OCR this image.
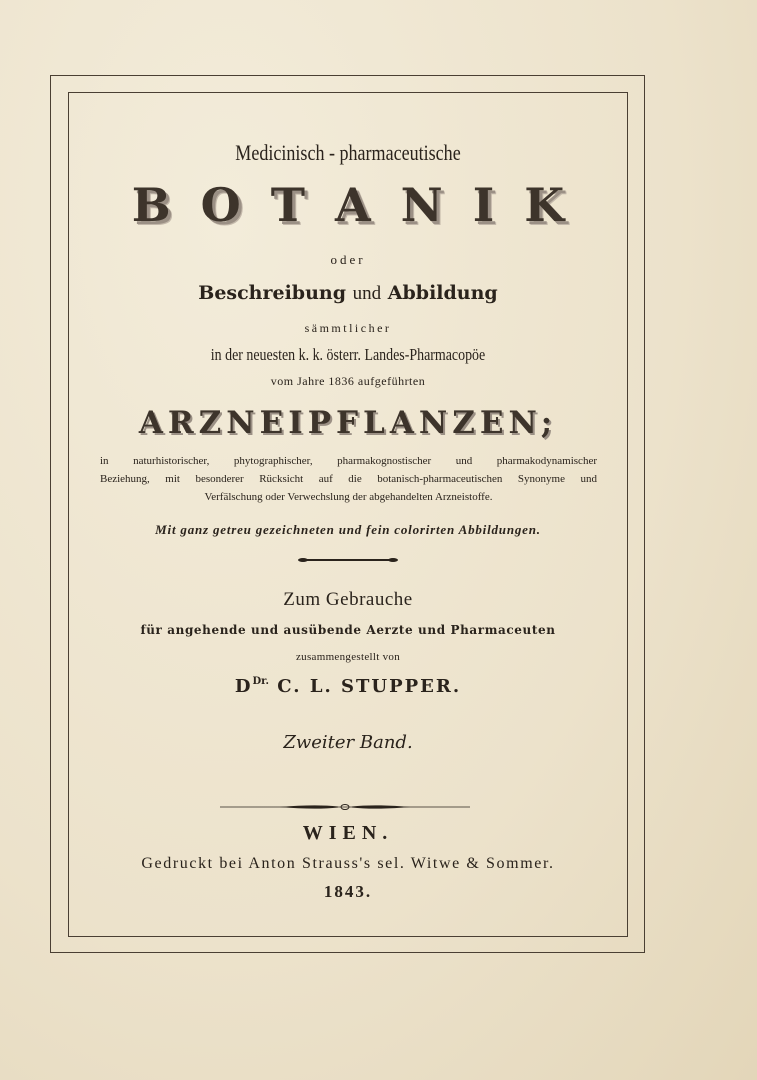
Medicinisch - pharmaceutische
B O T A N I K
oder
Beschreibung und Abbildung
sämmtlicher
in der neuesten k. k. österr. Landes-Pharmacopöe
vom Jahre 1836 aufgeführten
ARZNEIPFLANZEN;
in naturhistorischer, phytographischer, pharmakognostischer und pharmakodynamischer
Beziehung, mit besonderer Rücksicht auf die botanisch-pharmaceutischen Synonyme und
Verfälschung oder Verwechslung der abgehandelten Arzneistoffe.
Mit ganz getreu gezeichneten und fein colorirten Abbildungen.
Zum Gebrauche
für angehende und ausübende Aerzte und Pharmaceuten
zusammengestellt von
$D^{Dr.}$ C. L. STUPPER.
Zweiter Band.
WIEN.
Gedruckt bei Anton Strauss's sel. Witwe & Sommer.
1843.
